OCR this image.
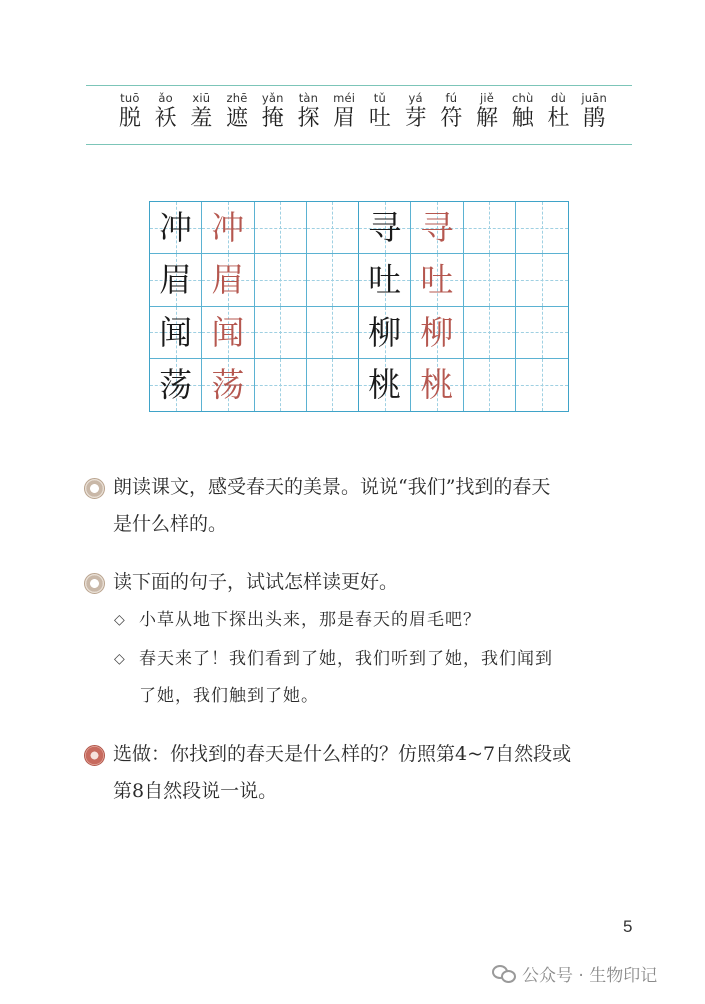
tuō
脱
ǎo
袄
xiū
羞
zhē
遮
yǎn
掩
tàn
探
méi
眉
tǔ
吐
yá
芽
fú
符
jiě
解
chù
触
dù
杜
juān
鹃
冲 冲	寻 寻
眉 眉	吐 吐
闻 闻	柳 柳
荡 荡	桃 桃
朗读课文，感受春天的美景。说说“我们”找到的春天
是什么样的。
读下面的句子，试试怎样读更好。
◇ 小草从地下探出头来，那是春天的眉毛吧？
◇ 春天来了！我们看到了她，我们听到了她，我们闻到
了她，我们触到了她。
选做：你找到的春天是什么样的？仿照第4~7自然段或
第8自然段说一说。
5
公众号 · 生物印记
